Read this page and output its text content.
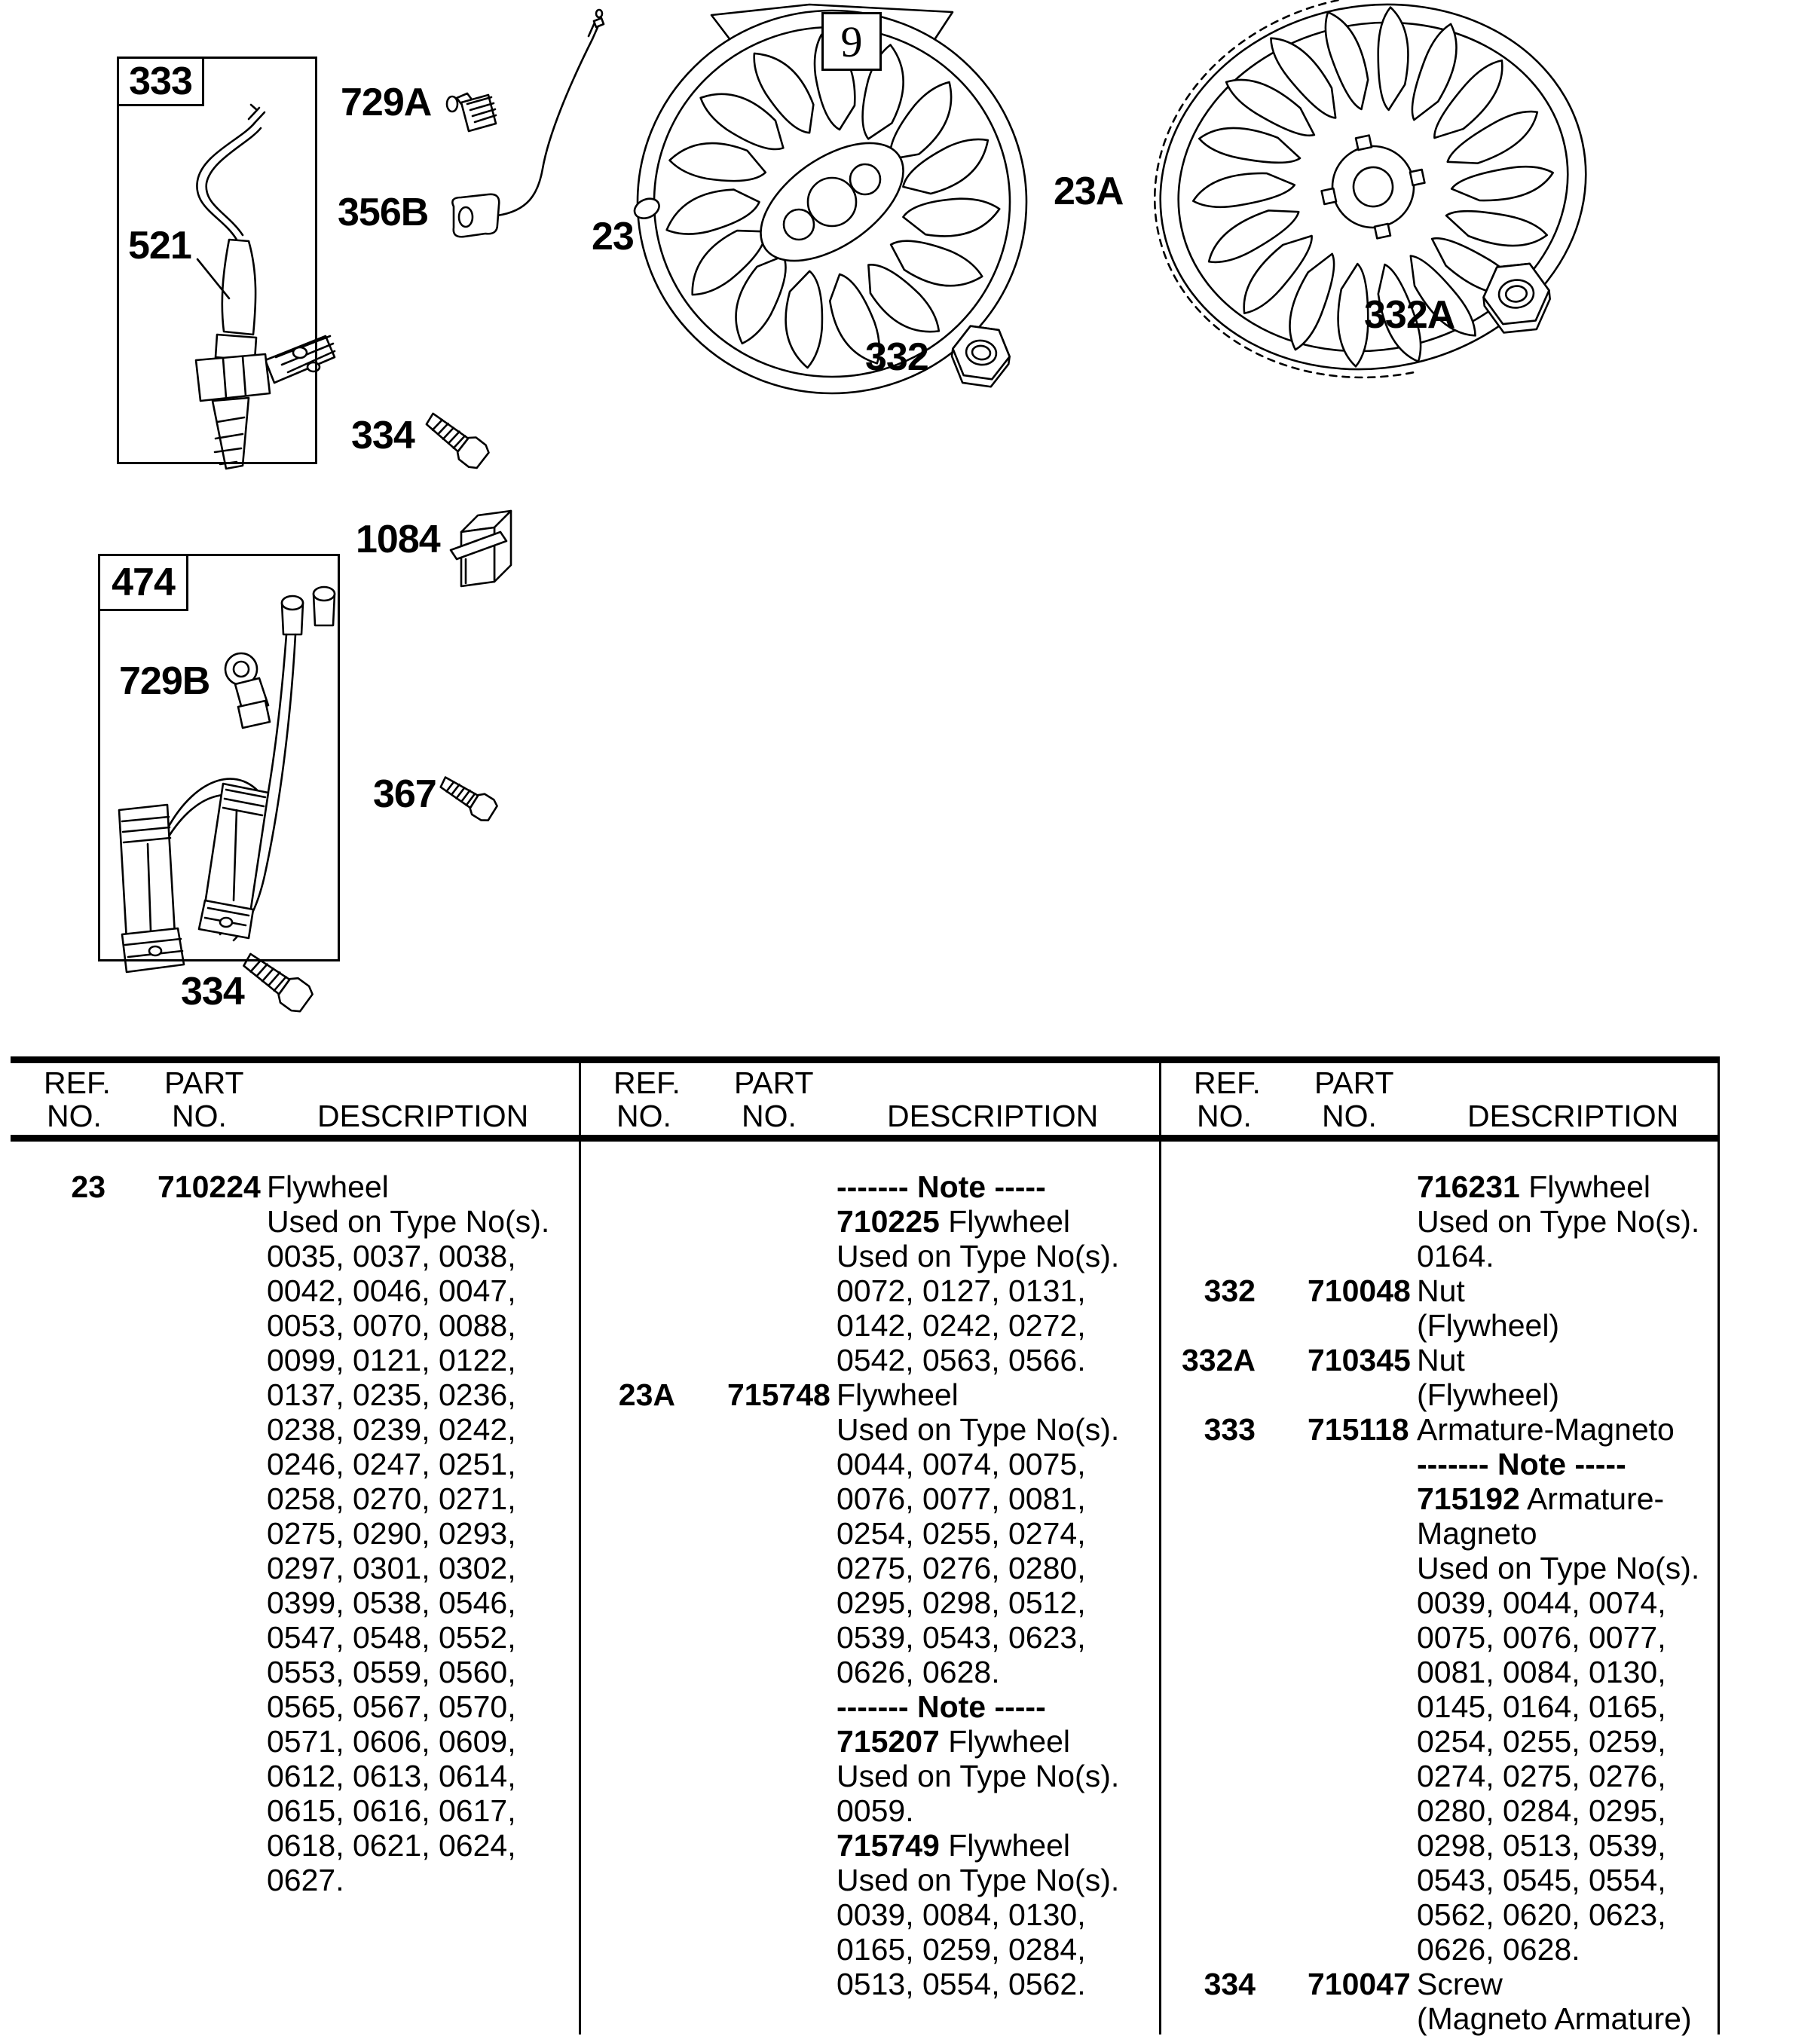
333
474
9
521
729A
356B
23
332
23A
332A
334
1084
729B
367
334
REF. PART
NO. NO.	DESCRIPTION
REF. PART
NO. NO.	DESCRIPTION
REF. PART
NO. NO.	DESCRIPTION
23	710224 Flywheel
Used on Type No(s).
0035, 0037, 0038,
0042, 0046, 0047,
0053, 0070, 0088,
0099, 0121, 0122,
0137, 0235, 0236,
0238, 0239, 0242,
0246, 0247, 0251,
0258, 0270, 0271,
0275, 0290, 0293,
0297, 0301, 0302,
0399, 0538, 0546,
0547, 0548, 0552,
0553, 0559, 0560,
0565, 0567, 0570,
0571, 0606, 0609,
0612, 0613, 0614,
0615, 0616, 0617,
0618, 0621, 0624,
0627.
------- Note -----
710225 Flywheel
Used on Type No(s).
0072, 0127, 0131,
0142, 0242, 0272,
0542, 0563, 0566.
23A	715748 Flywheel
Used on Type No(s).
0044, 0074, 0075,
0076, 0077, 0081,
0254, 0255, 0274,
0275, 0276, 0280,
0295, 0298, 0512,
0539, 0543, 0623,
0626, 0628.
------- Note -----
715207 Flywheel
Used on Type No(s).
0059.
715749 Flywheel
Used on Type No(s).
0039, 0084, 0130,
0165, 0259, 0284,
0513, 0554, 0562.
716231 Flywheel
Used on Type No(s).
0164.
332	710048 Nut
(Flywheel)
332A	710345 Nut
(Flywheel)
333	715118 Armature-Magneto
------- Note -----
715192 Armature-
Magneto
Used on Type No(s).
0039, 0044, 0074,
0075, 0076, 0077,
0081, 0084, 0130,
0145, 0164, 0165,
0254, 0255, 0259,
0274, 0275, 0276,
0280, 0284, 0295,
0298, 0513, 0539,
0543, 0545, 0554,
0562, 0620, 0623,
0626, 0628.
334	710047 Screw
(Magneto Armature)
